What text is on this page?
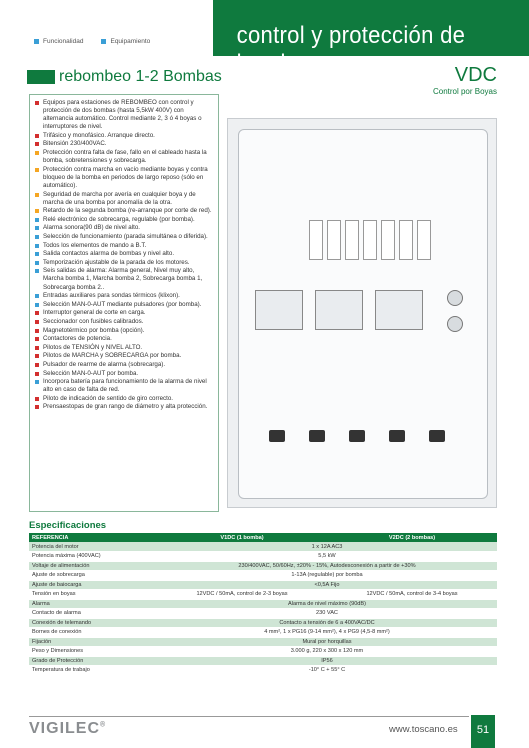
Funcionalidad	Equipamiento	control y protección de bombas
rebombeo 1-2 Bombas	VDC
Control por Boyas
Equipos para estaciones de REBOMBEO con control y protección de dos bombas (hasta 5,5kW 400V) con alternancia automático. Control mediante 2, 3 ó 4 boyas o interruptores de nivel.
Trifásico y monofásico. Arranque directo.
Bitensión 230/400VAC.
Protección contra falta de fase, fallo en el cableado hasta la bomba, sobretensiones y sobrecarga.
Protección contra marcha en vacío mediante boyas y contra bloqueo de la bomba en periodos de largo reposo (sólo en automático).
Seguridad de marcha por avería en cualquier boya y de marcha de una bomba por anomalía de la otra.
Retardo de la segunda bomba (re-arranque por corte de red).
Relé electrónico de sobrecarga, regulable (por bomba).
Alarma sonora(90 dB) de nivel alto.
Selección de funcionamiento (parada simultánea o diferida).
Todos los elementos de mando a B.T.
Salida contactos alarma de bombas y nivel alto.
Temporización ajustable de la parada de los motores.
Seis salidas de alarma: Alarma general, Nivel muy alto, Marcha bomba 1, Marcha bomba 2, Sobrecarga bomba 1, Sobrecarga bomba 2..
Entradas auxiliares para sondas térmicos (klixon).
Selección MAN-0-AUT mediante pulsadores (por bomba).
Interruptor general de corte en carga.
Seccionador con fusibles calibrados.
Magnetotérmico por bomba (opción).
Contactores de potencia.
Pilotos de TENSIÓN y NIVEL ALTO.
Pilotos de MARCHA y SOBRECARGA por bomba.
Pulsador de rearme de alarma (sobrecarga).
Selección MAN-0-AUT por bomba.
Incorpora batería para funcionamiento de la alarma de nivel alto en caso de falta de red.
Piloto de indicación de sentido de giro correcto.
Prensaestopas de gran rango de diámetro y alta protección.
Especificaciones
REFERENCIA	V1DC (1 bomba)	V2DC (2 bombas)
Potencia del motor	1 x 12A AC3	
Potencia máxima (400VAC)	5,5 kW	
Voltaje de alimentación	230/400VAC, 50/60Hz, ±20% - 15%, Autodesconexión a partir de +30%	
Ajuste de sobrecarga	1-13A (regulable) por bomba	
Ajuste de baiocarga	<0,5A Fijo	
Tensión en boyas	12VDC / 50mA, control de 2-3 boyas	12VDC / 50mA, control de 3-4 boyas
Alarma	Alarma de nivel máximo (90dB)	
Contacto de alarma	230 VAC	
Conexión de telemando	Contacto a tensión de 6 a 400VAC/DC	
Bornes de conexión	4 mm², 1 x PG16 (9-14 mm²), 4 x PG9 (4,5-8 mm²)	
Fijación	Mural por horquillas	
Peso y Dimensiones	3.000 g, 220 x 300 x 120 mm	
Grado de Protección	IP56	
Temperatura de trabajo	-10° C + 55° C	
VIGILEC®	www.toscano.es	51
